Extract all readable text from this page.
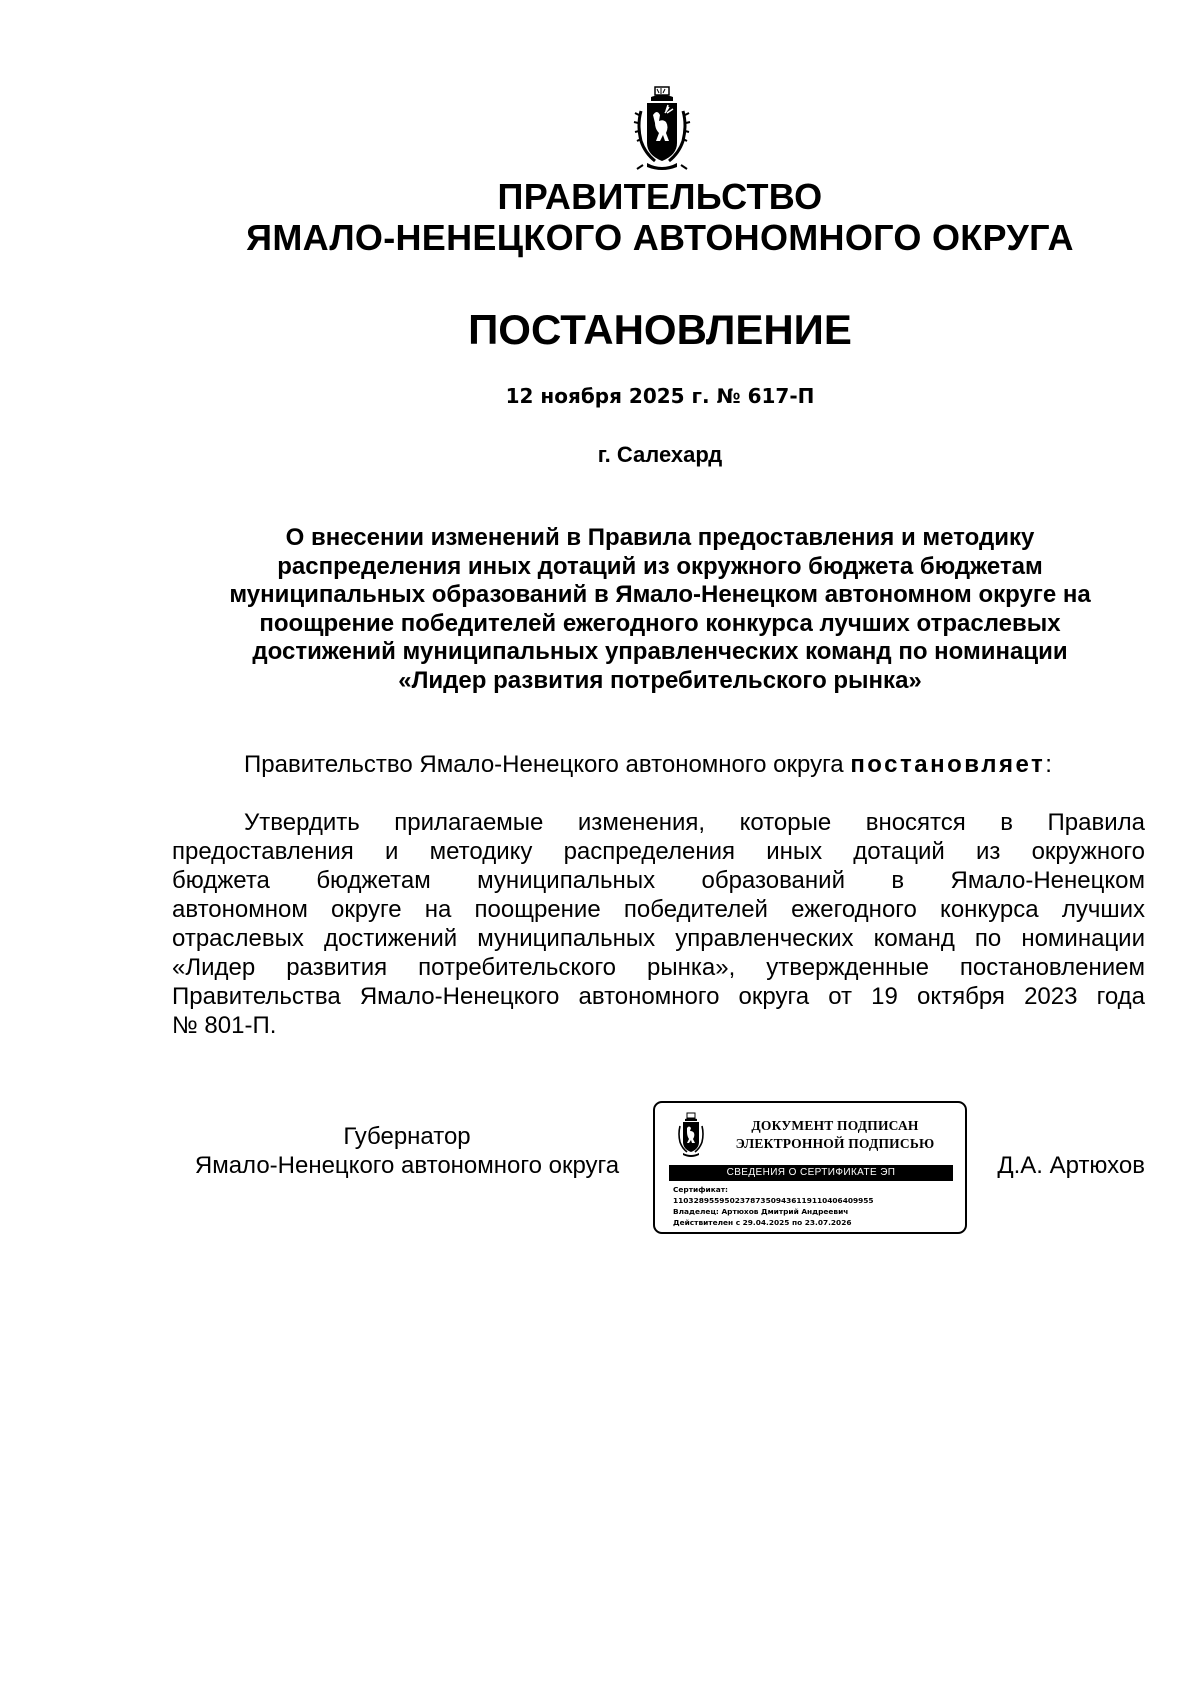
ПРАВИТЕЛЬСТВО
ЯМАЛО-НЕНЕЦКОГО АВТОНОМНОГО ОКРУГА
ПОСТАНОВЛЕНИЕ
12 ноября 2025 г. № 617-П
г. Салехард
О внесении изменений в Правила предоставления и методику
распределения иных дотаций из окружного бюджета бюджетам
муниципальных образований в Ямало-Ненецком автономном округе на
поощрение победителей ежегодного конкурса лучших отраслевых
достижений муниципальных управленческих команд по номинации
«Лидер развития потребительского рынка»
Правительство Ямало-Ненецкого автономного округа постановляет:
Утвердить прилагаемые изменения, которые вносятся в Правила
предоставления и методику распределения иных дотаций из окружного
бюджета бюджетам муниципальных образований в Ямало-Ненецком
автономном округе на поощрение победителей ежегодного конкурса лучших
отраслевых достижений муниципальных управленческих команд по номинации
«Лидер развития потребительского рынка», утвержденные постановлением
Правительства Ямало-Ненецкого автономного округа от 19 октября 2023 года
№ 801-П.
Губернатор
Ямало-Ненецкого автономного округа
ДОКУМЕНТ ПОДПИСАН
ЭЛЕКТРОННОЙ ПОДПИСЬЮ
СВЕДЕНИЯ О СЕРТИФИКАТЕ ЭП
Сертификат:
110328955950237873509436119110406409955
Владелец: Артюхов Дмитрий Андреевич
Действителен с 29.04.2025 по 23.07.2026
Д.А. Артюхов
